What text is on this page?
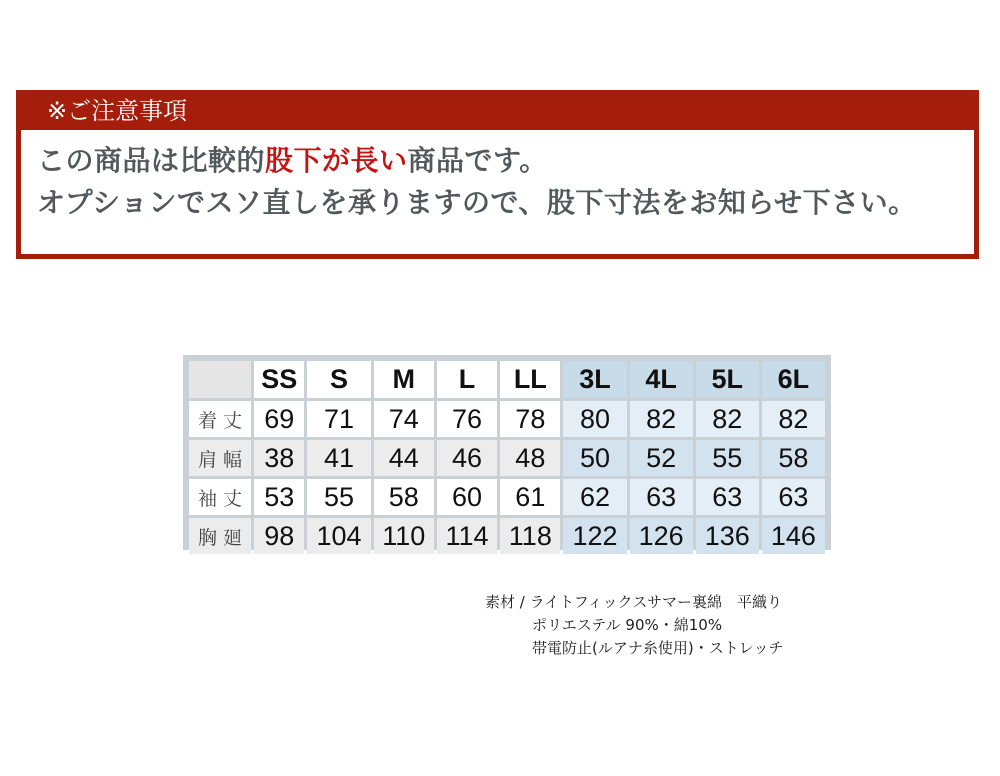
※ご注意事項
この商品は比較的股下が長い商品です。
オプションでスソ直しを承りますので、股下寸法をお知らせ下さい。
	SS	S	M	L	LL	3L	4L	5L	6L
着丈	69	71	74	76	78	80	82	82	82
肩幅	38	41	44	46	48	50	52	55	58
袖丈	53	55	58	60	61	62	63	63	63
胸廻	98	104	110	114	118	122	126	136	146
素材 / ライトフィックスサマー裏綿　平織り
ポリエステル 90%・綿10%
帯電防止(ルアナ糸使用)・ストレッチ
